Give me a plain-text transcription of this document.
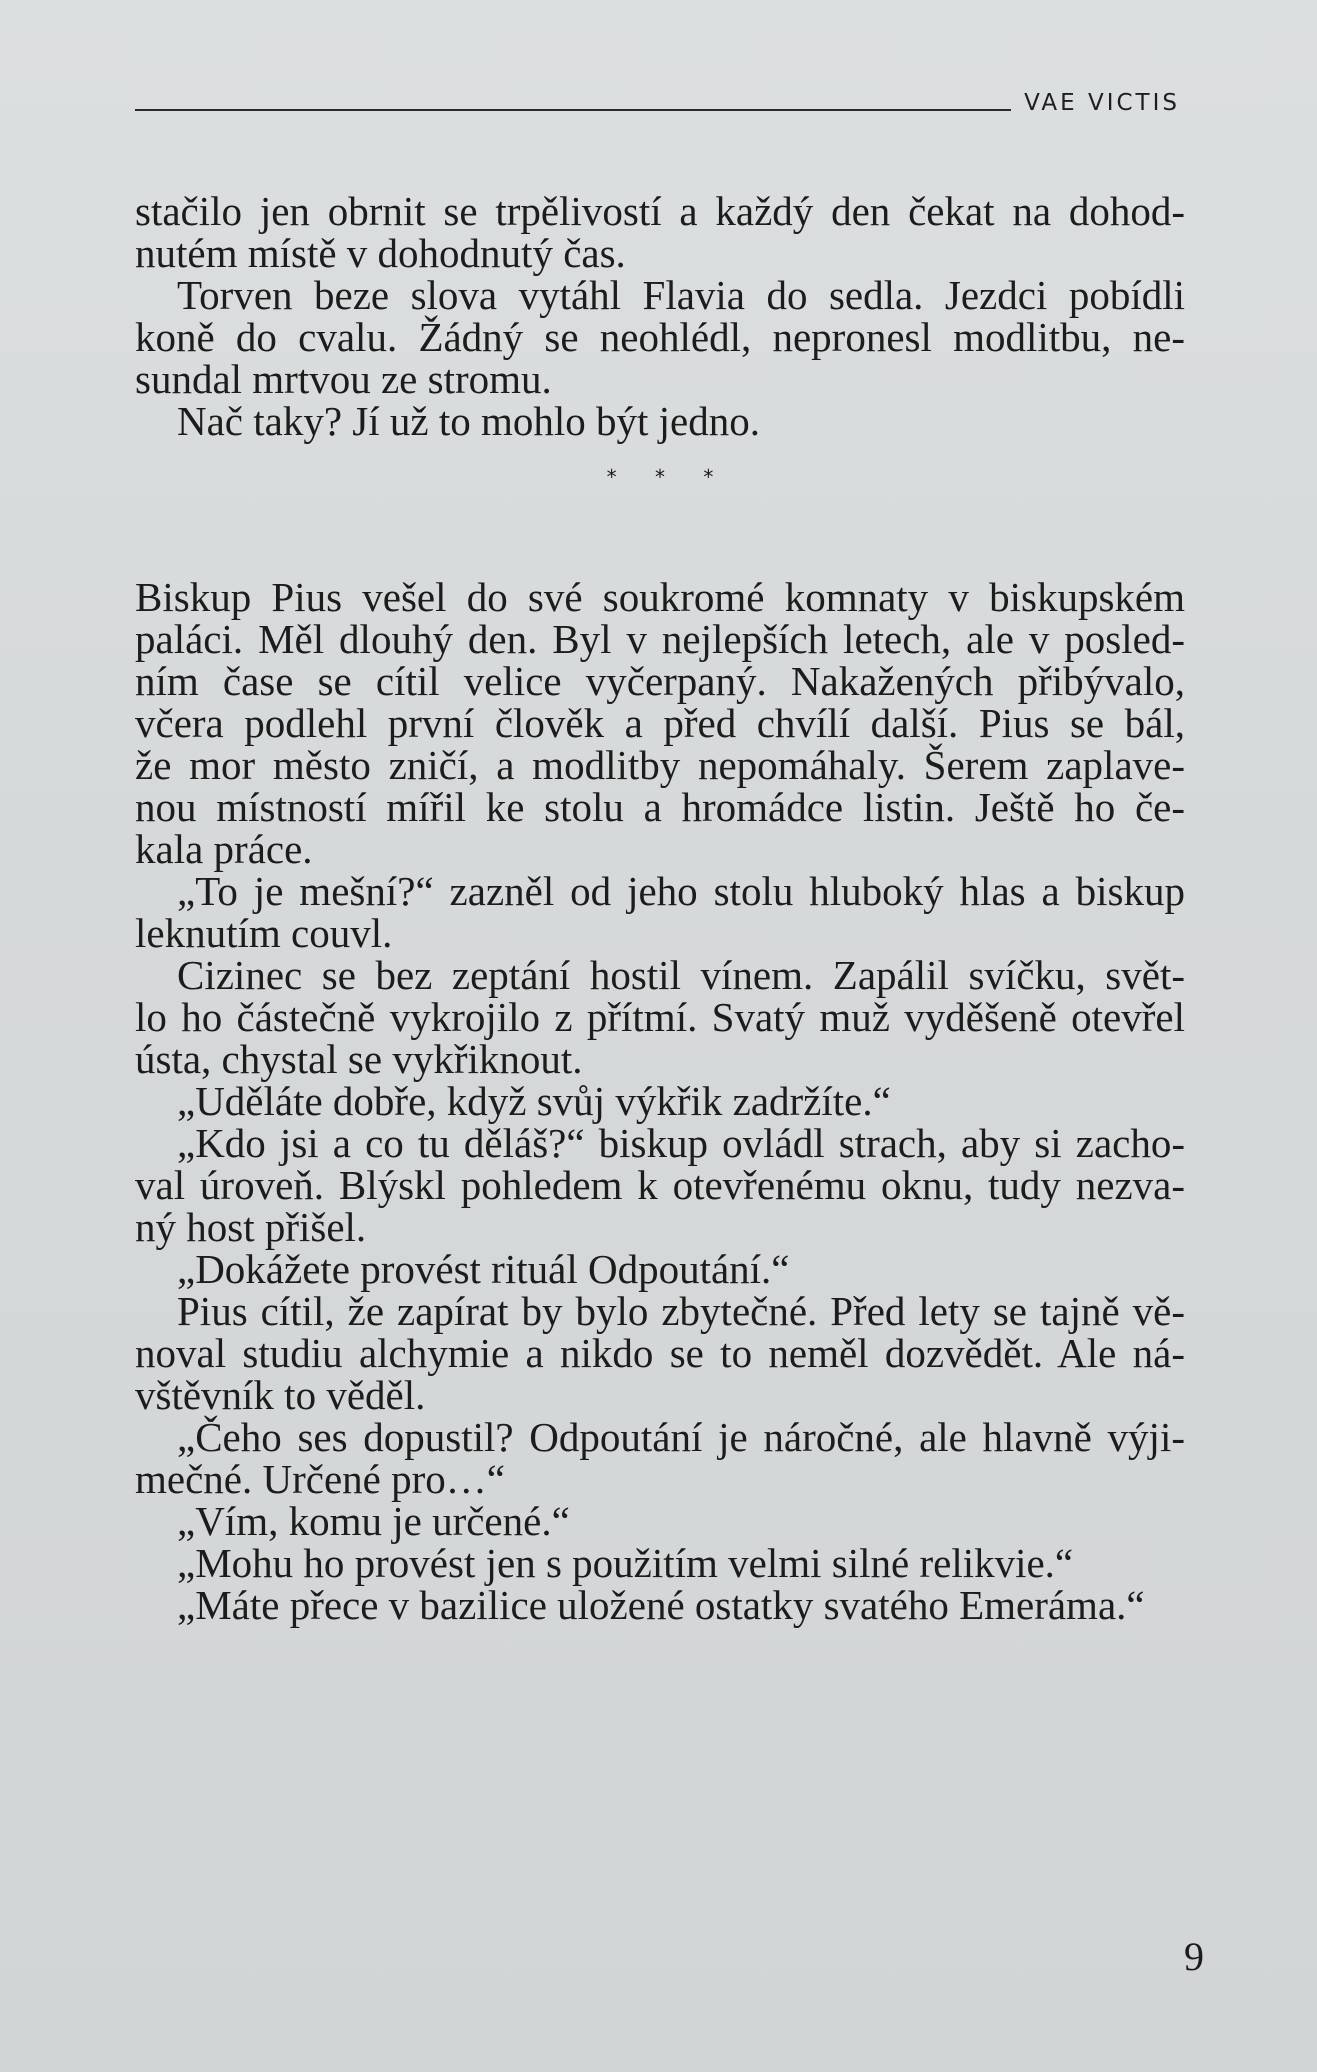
VAE VICTIS
stačilo jen obrnit se trpělivostí a každý den čekat na dohod-
nutém místě v dohodnutý čas.
Torven beze slova vytáhl Flavia do sedla. Jezdci pobídli
koně do cvalu. Žádný se neohlédl, nepronesl modlitbu, ne-
sundal mrtvou ze stromu.
Nač taky? Jí už to mohlo být jedno.
* * *
Biskup Pius vešel do své soukromé komnaty v biskupském
paláci. Měl dlouhý den. Byl v nejlepších letech, ale v posled-
ním čase se cítil velice vyčerpaný. Nakažených přibývalo,
včera podlehl první člověk a před chvílí další. Pius se bál,
že mor město zničí, a modlitby nepomáhaly. Šerem zaplave-
nou místností mířil ke stolu a hromádce listin. Ještě ho če-
kala práce.
„To je mešní?“ zazněl od jeho stolu hluboký hlas a biskup
leknutím couvl.
Cizinec se bez zeptání hostil vínem. Zapálil svíčku, svět-
lo ho částečně vykrojilo z přítmí. Svatý muž vyděšeně otevřel
ústa, chystal se vykřiknout.
„Uděláte dobře, když svůj výkřik zadržíte.“
„Kdo jsi a co tu děláš?“ biskup ovládl strach, aby si zacho-
val úroveň. Blýskl pohledem k otevřenému oknu, tudy nezva-
ný host přišel.
„Dokážete provést rituál Odpoutání.“
Pius cítil, že zapírat by bylo zbytečné. Před lety se tajně vě-
noval studiu alchymie a nikdo se to neměl dozvědět. Ale ná-
vštěvník to věděl.
„Čeho ses dopustil? Odpoutání je náročné, ale hlavně výji-
mečné. Určené pro…“
„Vím, komu je určené.“
„Mohu ho provést jen s použitím velmi silné relikvie.“
„Máte přece v bazilice uložené ostatky svatého Emeráma.“
9
